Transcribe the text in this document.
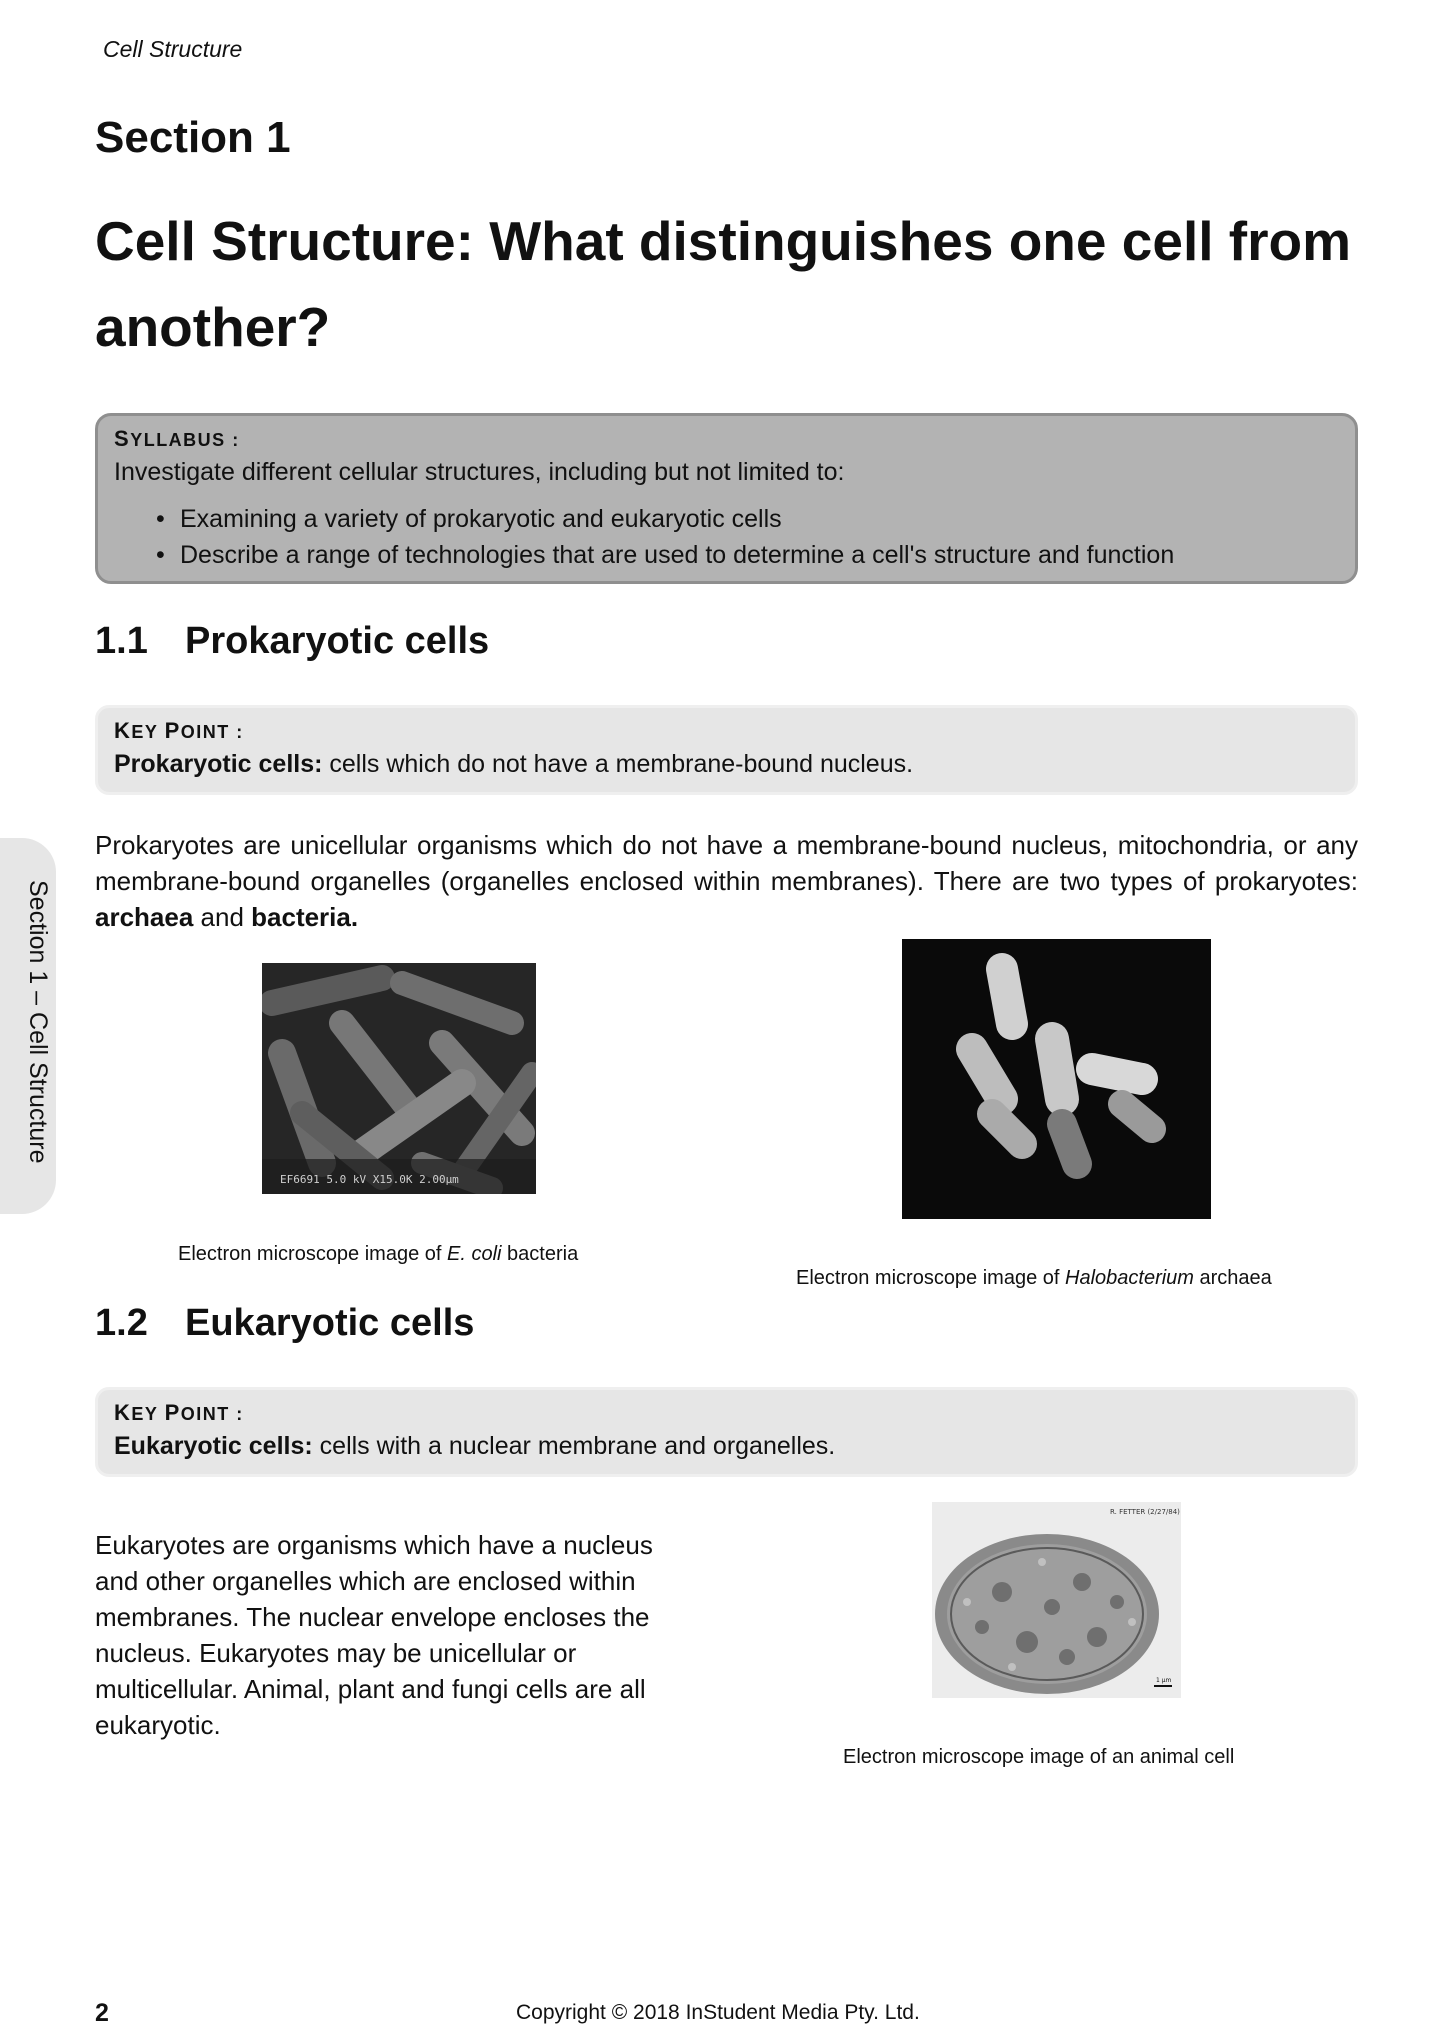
Cell Structure
Section 1
Cell Structure: What distinguishes one cell from another?
SYLLABUS :
Investigate different cellular structures, including but not limited to:
• Examining a variety of prokaryotic and eukaryotic cells
• Describe a range of technologies that are used to determine a cell's structure and function
1.1 Prokaryotic cells
KEY POINT :
Prokaryotic cells: cells which do not have a membrane-bound nucleus.
Prokaryotes are unicellular organisms which do not have a membrane-bound nucleus, mitochondria, or any membrane-bound organelles (organelles enclosed within membranes). There are two types of prokaryotes: archaea and bacteria.
Section 1 – Cell Structure
EF6691 5.0 kV X15.0K 2.00µm
Electron microscope image of E. coli bacteria
Electron microscope image of Halobacterium archaea
1.2 Eukaryotic cells
KEY POINT :
Eukaryotic cells: cells with a nuclear membrane and organelles.
Eukaryotes are organisms which have a nucleus and other organelles which are enclosed within membranes. The nuclear envelope encloses the nucleus. Eukaryotes may be unicellular or multicellular. Animal, plant and fungi cells are all eukaryotic.
R. FETTER (2/27/84)
1 µm
Electron microscope image of an animal cell
2	Copyright © 2018 InStudent Media Pty. Ltd.
